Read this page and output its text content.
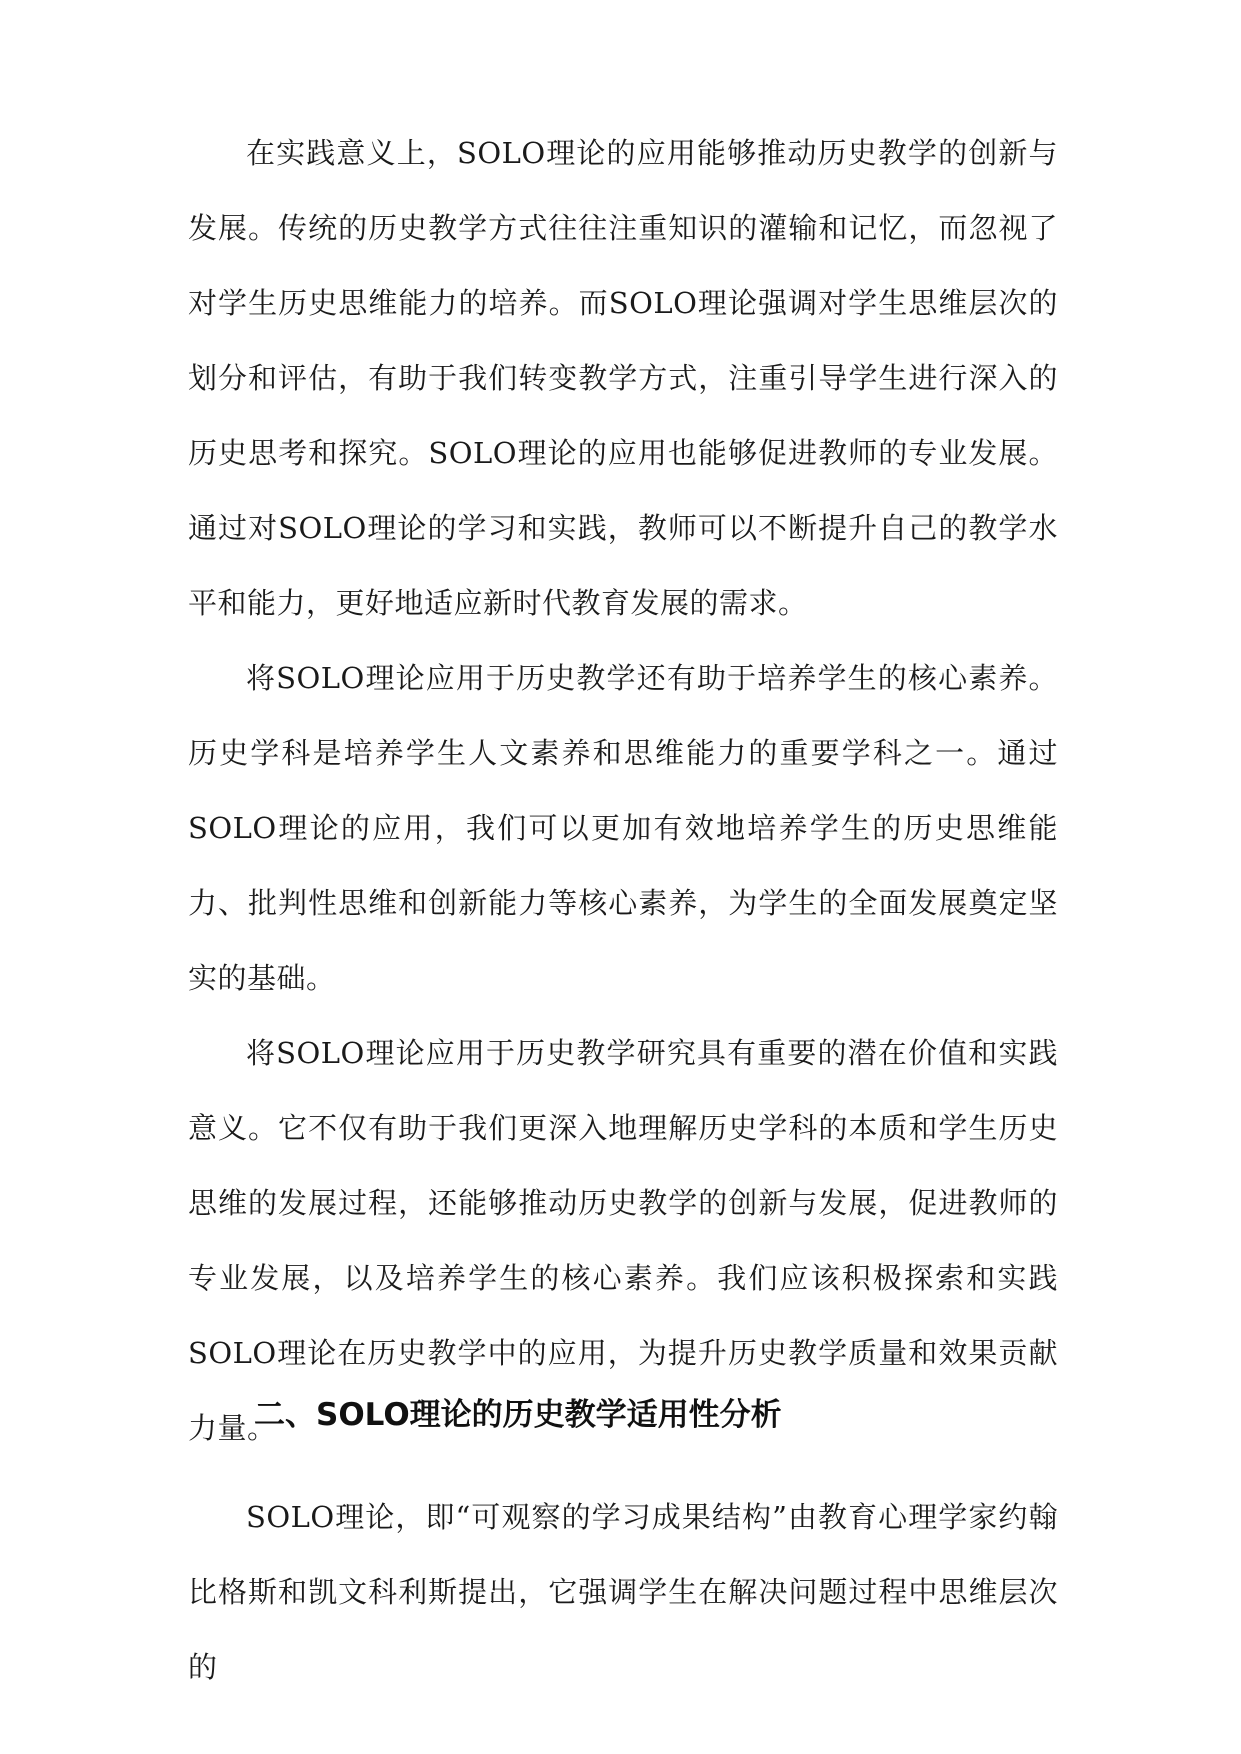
在实践意义上，SOLO理论的应用能够推动历史教学的创新与发展。传统的历史教学方式往往注重知识的灌输和记忆，而忽视了对学生历史思维能力的培养。而SOLO理论强调对学生思维层次的划分和评估，有助于我们转变教学方式，注重引导学生进行深入的历史思考和探究。SOLO理论的应用也能够促进教师的专业发展。通过对SOLO理论的学习和实践，教师可以不断提升自己的教学水平和能力，更好地适应新时代教育发展的需求。

将SOLO理论应用于历史教学还有助于培养学生的核心素养。历史学科是培养学生人文素养和思维能力的重要学科之一。通过SOLO理论的应用，我们可以更加有效地培养学生的历史思维能力、批判性思维和创新能力等核心素养，为学生的全面发展奠定坚实的基础。

将SOLO理论应用于历史教学研究具有重要的潜在价值和实践意义。它不仅有助于我们更深入地理解历史学科的本质和学生历史思维的发展过程，还能够推动历史教学的创新与发展，促进教师的专业发展，以及培养学生的核心素养。我们应该积极探索和实践SOLO理论在历史教学中的应用，为提升历史教学质量和效果贡献力量。

二、SOLO理论的历史教学适用性分析

SOLO理论，即“可观察的学习成果结构”由教育心理学家约翰比格斯和凯文科利斯提出，它强调学生在解决问题过程中思维层次的
